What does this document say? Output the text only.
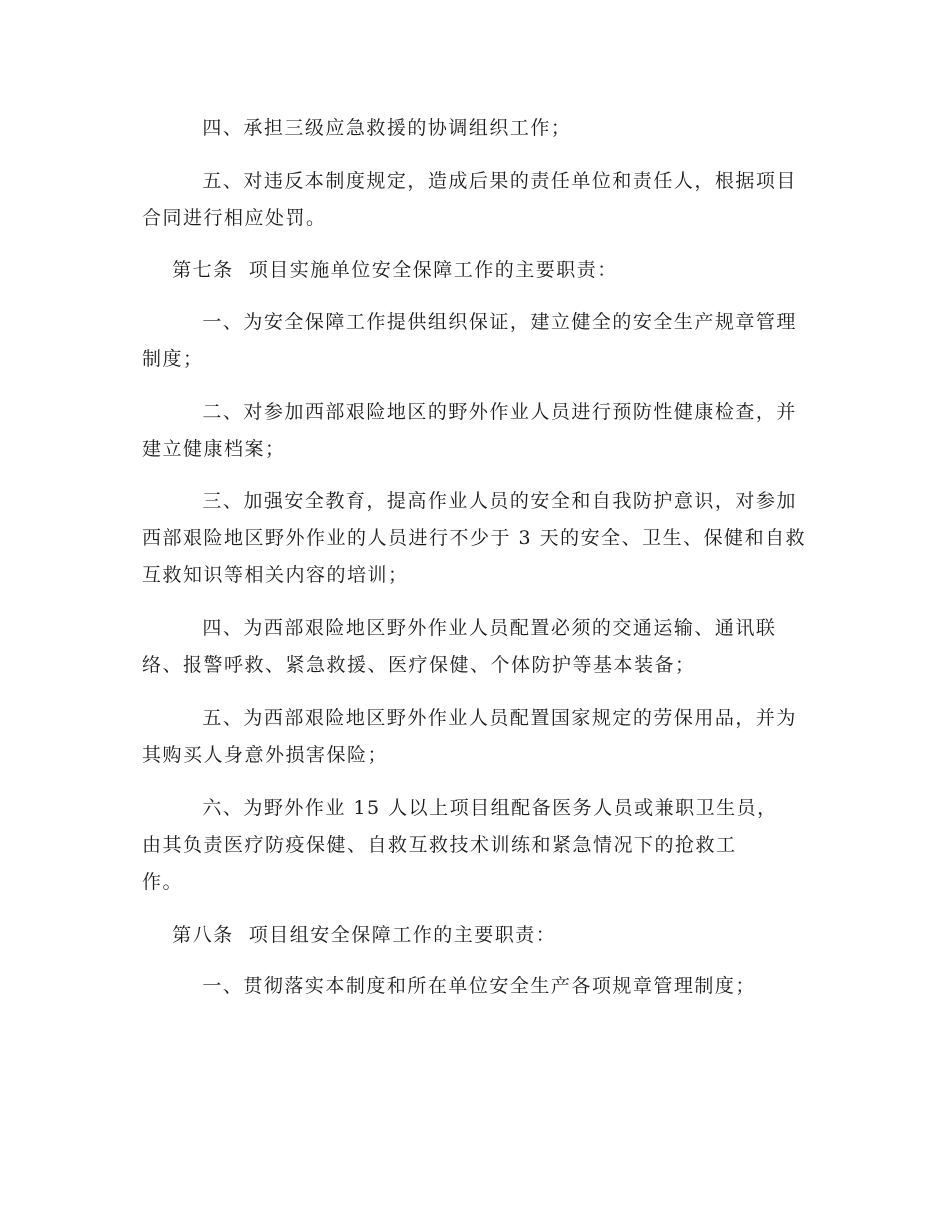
四、承担三级应急救援的协调组织工作；

五、对违反本制度规定，造成后果的责任单位和责任人，根据项目合同进行相应处罚。

第七条  项目实施单位安全保障工作的主要职责：

一、为安全保障工作提供组织保证，建立健全的安全生产规章管理制度；

二、对参加西部艰险地区的野外作业人员进行预防性健康检查，并建立健康档案；

三、加强安全教育，提高作业人员的安全和自我防护意识，对参加西部艰险地区野外作业的人员进行不少于 3 天的安全、卫生、保健和自救互救知识等相关内容的培训；

四、为西部艰险地区野外作业人员配置必须的交通运输、通讯联络、报警呼救、紧急救援、医疗保健、个体防护等基本装备；

五、为西部艰险地区野外作业人员配置国家规定的劳保用品，并为其购买人身意外损害保险；

六、为野外作业 15 人以上项目组配备医务人员或兼职卫生员，
由其负责医疗防疫保健、自救互救技术训练和紧急情况下的抢救工
作。

第八条  项目组安全保障工作的主要职责：

一、贯彻落实本制度和所在单位安全生产各项规章管理制度；
